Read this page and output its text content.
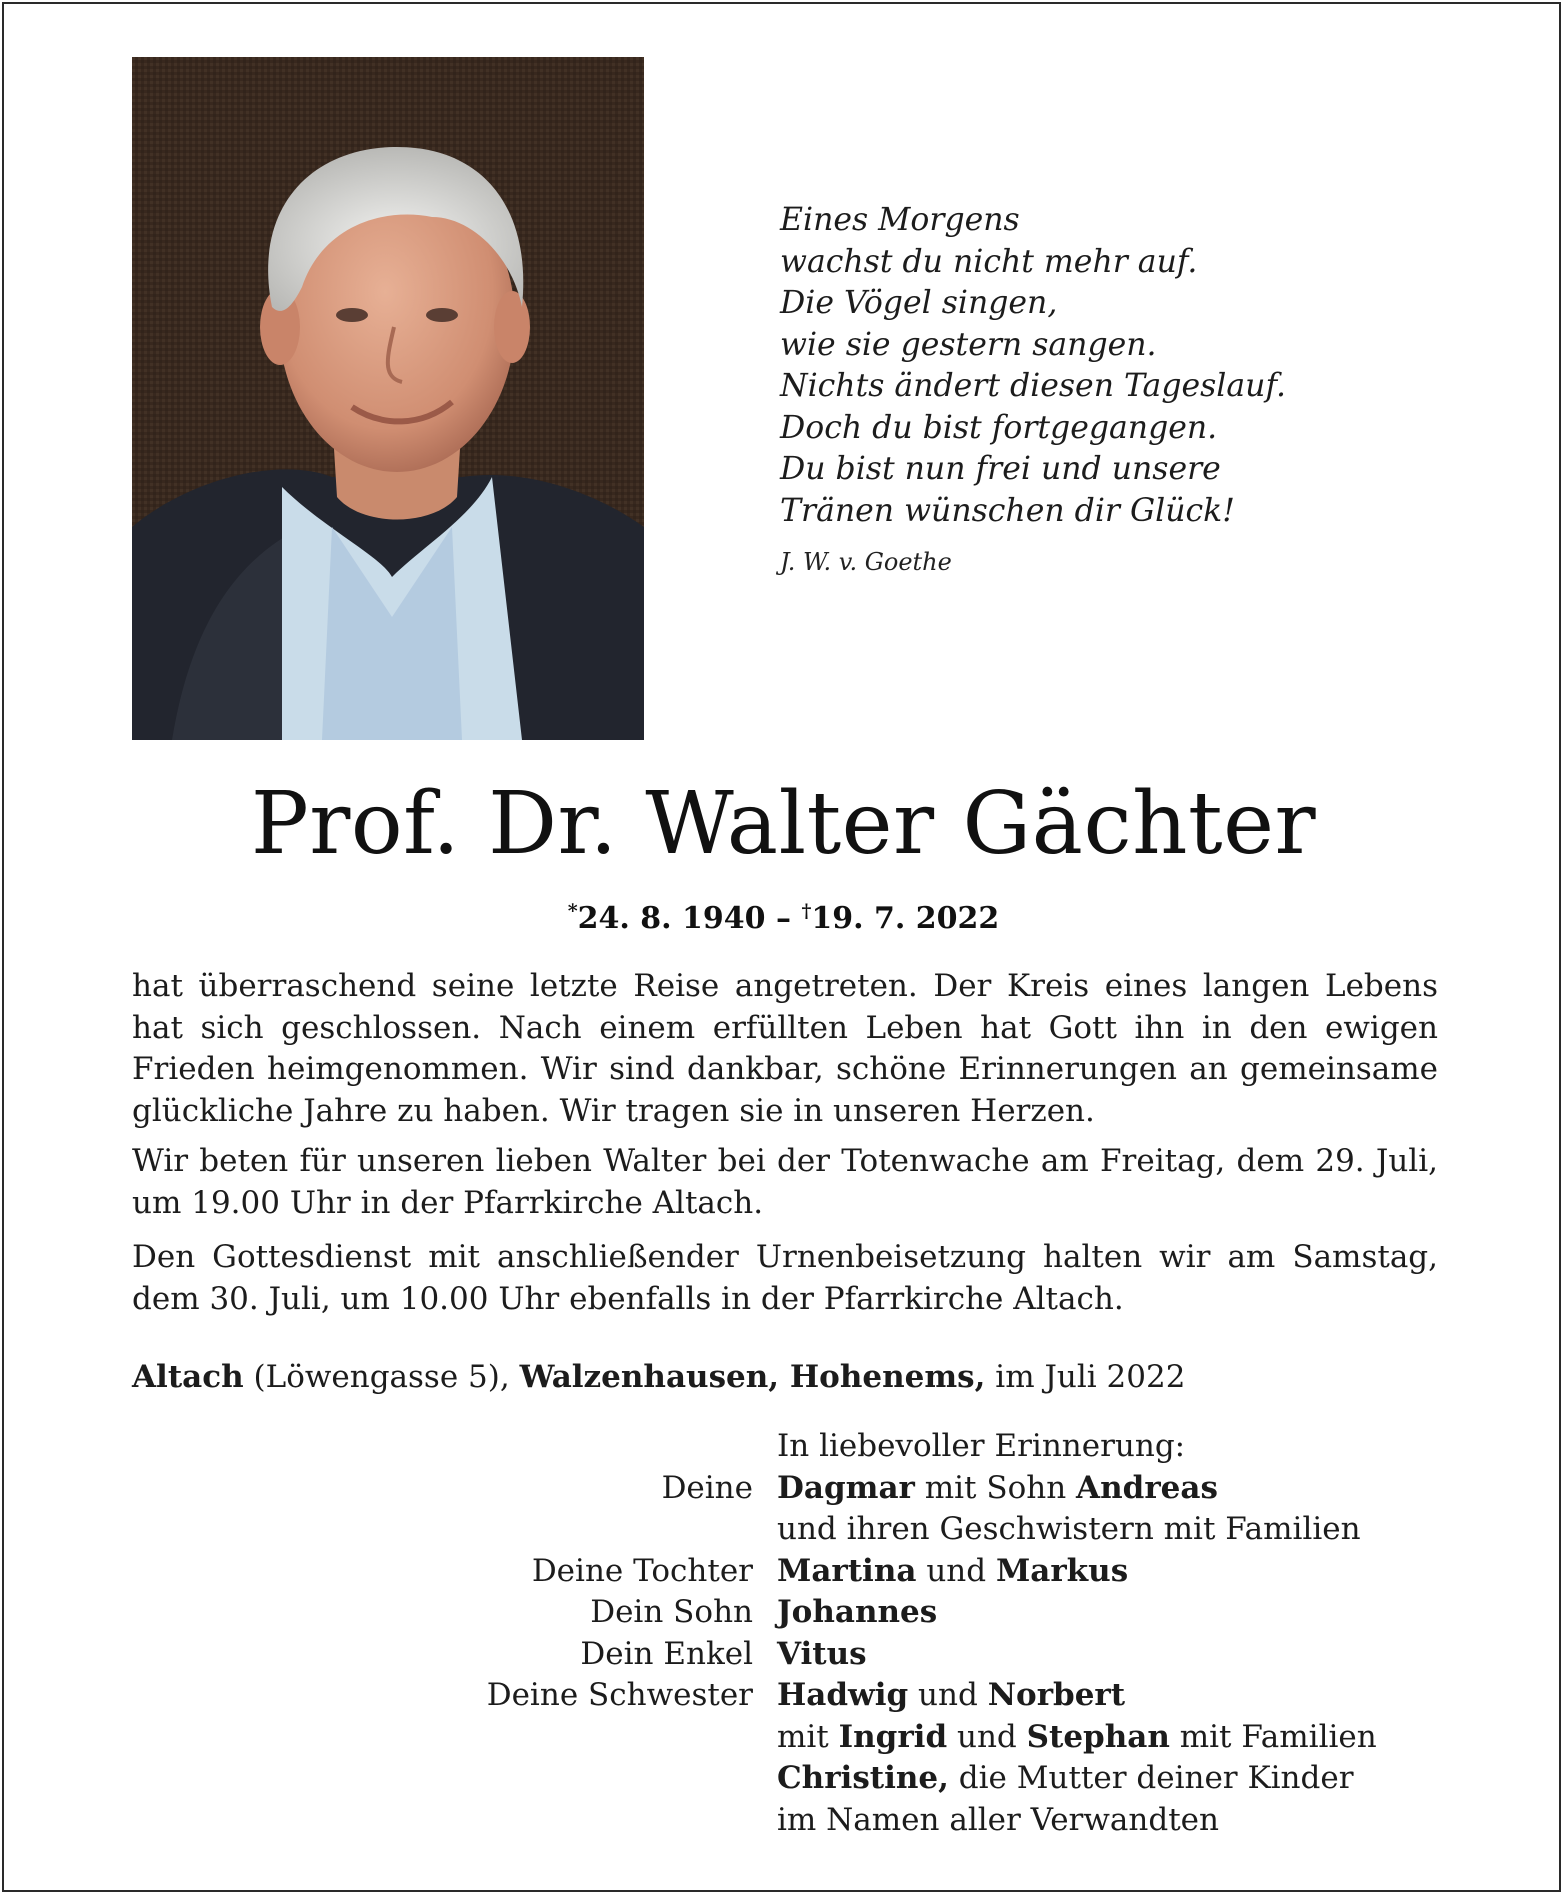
Eines Morgens
wachst du nicht mehr auf.
Die Vögel singen,
wie sie gestern sangen.
Nichts ändert diesen Tageslauf.
Doch du bist fortgegangen.
Du bist nun frei und unsere
Tränen wünschen dir Glück!
J. W. v. Goethe
Prof. Dr. Walter Gächter
*24. 8. 1940 – †19. 7. 2022
hat überraschend seine letzte Reise angetreten. Der Kreis eines langen Lebens hat sich geschlossen. Nach einem erfüllten Leben hat Gott ihn in den ewigen Frieden heimgenommen. Wir sind dankbar, schöne Erinnerungen an gemeinsame glückliche Jahre zu haben. Wir tragen sie in unseren Herzen.
Wir beten für unseren lieben Walter bei der Totenwache am Freitag, dem 29. Juli, um 19.00 Uhr in der Pfarrkirche Altach.
Den Gottesdienst mit anschließender Urnenbeisetzung halten wir am Samstag, dem 30. Juli, um 10.00 Uhr ebenfalls in der Pfarrkirche Altach.
Altach (Löwengasse 5), Walzenhausen, Hohenems, im Juli 2022
In liebevoller Erinnerung:
Deine Dagmar mit Sohn Andreas
und ihren Geschwistern mit Familien
Deine Tochter Martina und Markus
Dein Sohn Johannes
Dein Enkel Vitus
Deine Schwester Hadwig und Norbert
mit Ingrid und Stephan mit Familien
Christine, die Mutter deiner Kinder
im Namen aller Verwandten
